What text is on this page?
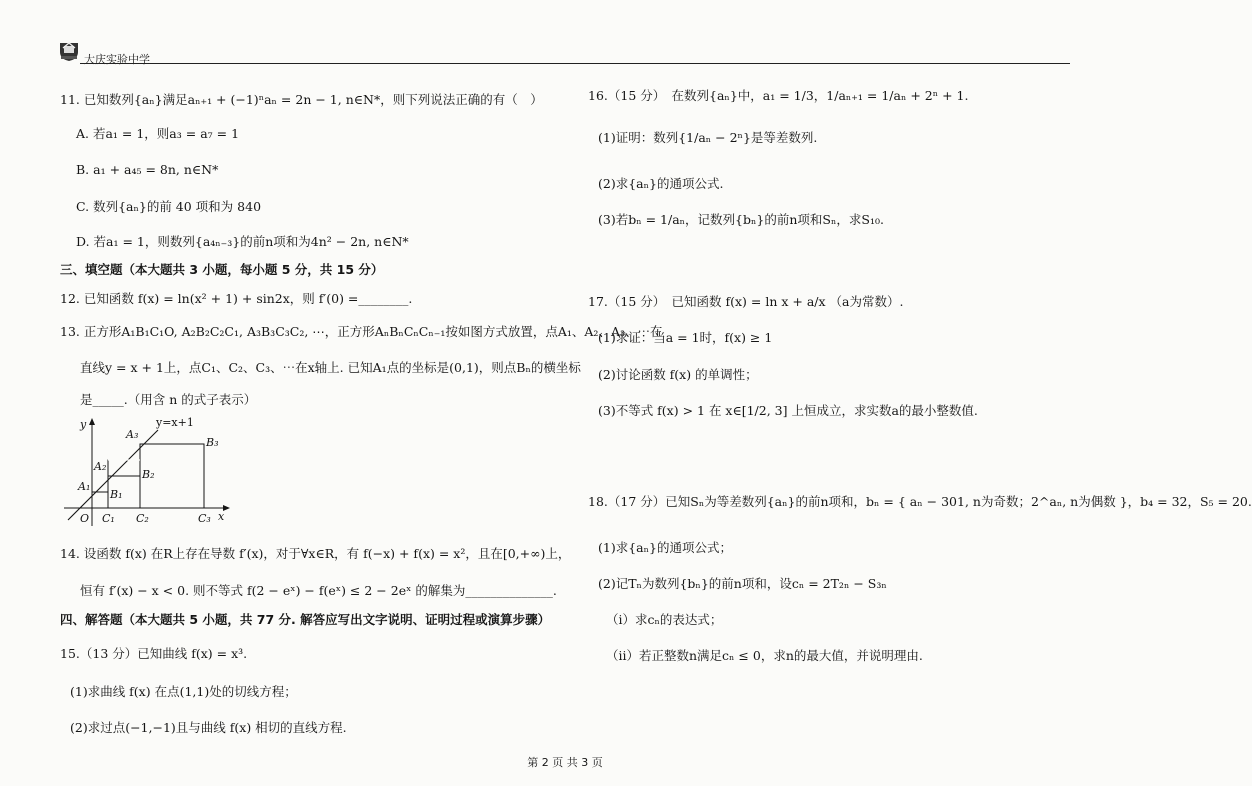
大庆实验中学
11. 已知数列{aₙ}满足aₙ₊₁ + (−1)ⁿaₙ = 2n − 1, n∈N*，则下列说法正确的有（　）
A. 若a₁ = 1，则a₃ = a₇ = 1
B. a₁ + a₄₅ = 8n, n∈N*
C. 数列{aₙ}的前 40 项和为 840
D. 若a₁ = 1，则数列{a₄ₙ₋₃}的前n项和为4n² − 2n, n∈N*
三、填空题（本大题共 3 小题，每小题 5 分，共 15 分）
12. 已知函数 f(x) = ln(x² + 1) + sin2x，则 f′(0) =________.
13. 正方形A₁B₁C₁O, A₂B₂C₂C₁, A₃B₃C₃C₂, ⋯，正方形AₙBₙCₙCₙ₋₁按如图方式放置，点A₁、A₂、A₃、⋯在
直线y = x + 1上，点C₁、C₂、C₃、⋯在x轴上. 已知A₁点的坐标是(0,1)，则点Bₙ的横坐标
是_____.（用含 n 的式子表示）
y
x
y=x+1
O
A₁
A₂
A₃
B₁
B₂
B₃
C₁ C₂	C₃
14. 设函数 f(x) 在R上存在导数 f′(x)，对于∀x∈R，有 f(−x) + f(x) = x²，且在[0,+∞)上，
恒有 f′(x) − x < 0. 则不等式 f(2 − eˣ) − f(eˣ) ≤ 2 − 2eˣ 的解集为______________.
四、解答题（本大题共 5 小题，共 77 分. 解答应写出文字说明、证明过程或演算步骤）
15.（13 分）已知曲线 f(x) = x³.
(1)求曲线 f(x) 在点(1,1)处的切线方程；
(2)求过点(−1,−1)且与曲线 f(x) 相切的直线方程.
16.（15 分）　在数列{aₙ}中，a₁ = 1/3，1/aₙ₊₁ = 1/aₙ + 2ⁿ + 1.
(1)证明：数列{1/aₙ − 2ⁿ}是等差数列.
(2)求{aₙ}的通项公式.
(3)若bₙ = 1/aₙ，记数列{bₙ}的前n项和Sₙ，求S₁₀.
17.（15 分）　已知函数 f(x) = ln x + a/x （a为常数）.
(1)求证：当a = 1时，f(x) ≥ 1
(2)讨论函数 f(x) 的单调性；
(3)不等式 f(x) > 1 在 x∈[1/2, 3] 上恒成立，求实数a的最小整数值.
18.（17 分）已知Sₙ为等差数列{aₙ}的前n项和，bₙ = { aₙ − 301, n为奇数；2^aₙ, n为偶数 }，b₄ = 32，S₅ = 20.
(1)求{aₙ}的通项公式；
(2)记Tₙ为数列{bₙ}的前n项和，设cₙ = 2T₂ₙ − S₃ₙ
（i）求cₙ的表达式；
（ii）若正整数n满足cₙ ≤ 0，求n的最大值，并说明理由.
第 2 页 共 3 页
